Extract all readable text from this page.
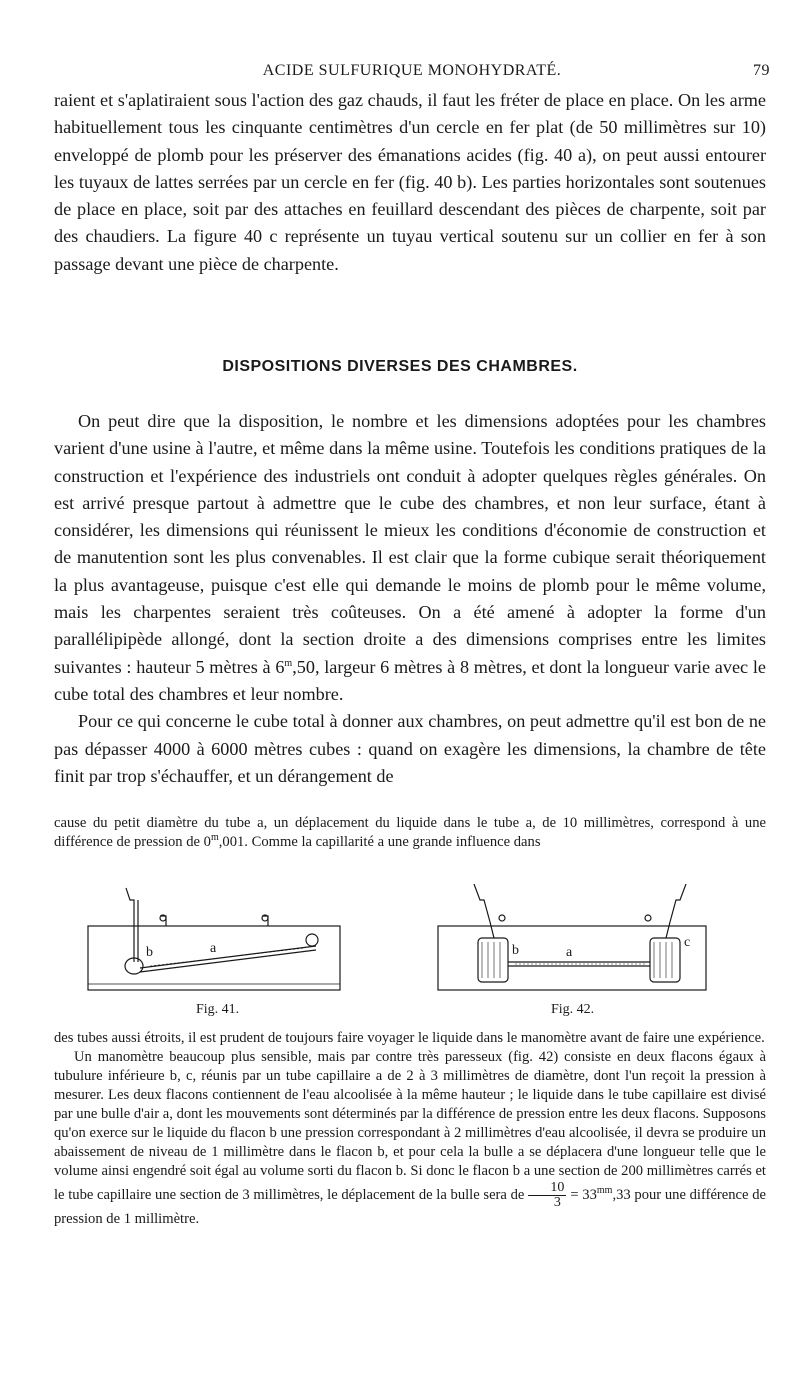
ACIDE SULFURIQUE MONOHYDRATÉ.	79

raient et s'aplatiraient sous l'action des gaz chauds, il faut les fréter de place en place. On les arme habituellement tous les cinquante centimètres d'un cercle en fer plat (de 50 millimètres sur 10) enveloppé de plomb pour les préserver des émanations acides (fig. 40 a), on peut aussi entourer les tuyaux de lattes serrées par un cercle en fer (fig. 40 b). Les parties horizontales sont soutenues de place en place, soit par des attaches en feuillard descendant des pièces de charpente, soit par des chaudiers. La figure 40 c représente un tuyau vertical soutenu sur un collier en fer à son passage devant une pièce de charpente.

DISPOSITIONS DIVERSES DES CHAMBRES.

On peut dire que la disposition, le nombre et les dimensions adoptées pour les chambres varient d'une usine à l'autre, et même dans la même usine. Toutefois les conditions pratiques de la construction et l'expérience des industriels ont conduit à adopter quelques règles générales. On est arrivé presque partout à admettre que le cube des chambres, et non leur surface, étant à considérer, les dimensions qui réunissent le mieux les conditions d'économie de construction et de manutention sont les plus convenables. Il est clair que la forme cubique serait théoriquement la plus avantageuse, puisque c'est elle qui demande le moins de plomb pour le même volume, mais les charpentes seraient très coûteuses. On a été amené à adopter la forme d'un parallélipipède allongé, dont la section droite a des dimensions comprises entre les limites suivantes : hauteur 5 mètres à 6$^m$,50, largeur 6 mètres à 8 mètres, et dont la longueur varie avec le cube total des chambres et leur nombre.

Pour ce qui concerne le cube total à donner aux chambres, on peut admettre qu'il est bon de ne pas dépasser 4000 à 6000 mètres cubes : quand on exagère les dimensions, la chambre de tête finit par trop s'échauffer, et un dérangement de

cause du petit diamètre du tube a, un déplacement du liquide dans le tube a, de 10 millimètres, correspond à une différence de pression de 0$^m$,001. Comme la capillarité a une grande influence dans

b	a	b	a
c
Fig. 41.	Fig. 42.

des tubes aussi étroits, il est prudent de toujours faire voyager le liquide dans le manomètre avant de faire une expérience.

Un manomètre beaucoup plus sensible, mais par contre très paresseux (fig. 42) consiste en deux flacons égaux à tubulure inférieure b, c, réunis par un tube capillaire a de 2 à 3 millimètres de diamètre, dont l'un reçoit la pression à mesurer. Les deux flacons contiennent de l'eau alcoolisée à la même hauteur ; le liquide dans le tube capillaire est divisé par une bulle d'air a, dont les mouvements sont déterminés par la différence de pression entre les deux flacons. Supposons qu'on exerce sur le liquide du flacon b une pression correspondant à 2 millimètres d'eau alcoolisée, il devra se produire un abaissement de niveau de 1 millimètre dans le flacon b, et pour cela la bulle a se déplacera d'une longueur telle que le volume ainsi engendré soit égal au volume sorti du flacon b. Si donc le flacon b a une section de 200 millimètres carrés et le tube capillaire une section de 3 millimètres, le déplacement de la bulle sera de $\frac{10}{3} = 33^{mm},33$ pour une différence de pression de 1 millimètre.
